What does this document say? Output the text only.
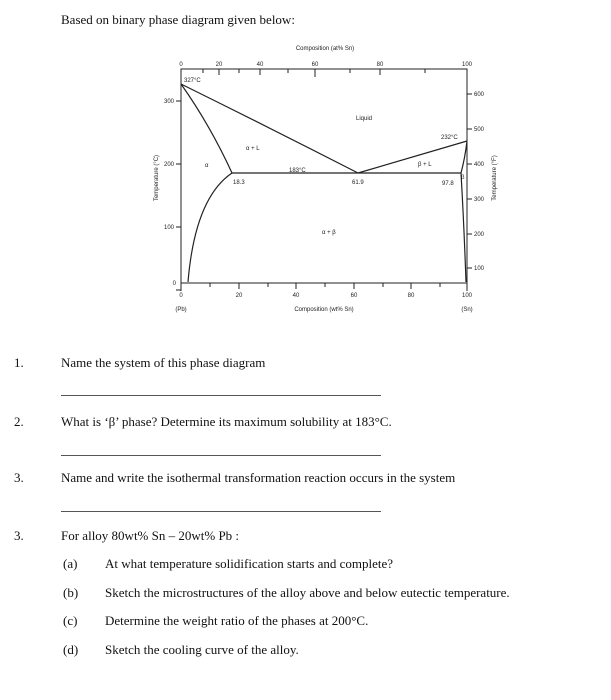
Based on binary phase diagram given below:
Composition (at% Sn)
0	20	40	60	80	100
0	20	40	60	80	100
(Pb)	Composition (wt% Sn)	(Sn)
300
200
100
0
Temperature (°C)
600
500
400
300
200
100
Temperature (°F)
327°C
232°C
Liquid
α + L
183°C
β + L
α
β
18.3	61.9	97.8
α + β
1.	Name the system of this phase diagram
2.	What is ‘β’ phase? Determine its maximum solubility at 183°C.
3.	Name and write the isothermal transformation reaction occurs in the system
3.	For alloy 80wt% Sn – 20wt% Pb :
(a) At what temperature solidification starts and complete?
(b) Sketch the microstructures of the alloy above and below eutectic temperature.
(c) Determine the weight ratio of the phases at 200°C.
(d) Sketch the cooling curve of the alloy.
